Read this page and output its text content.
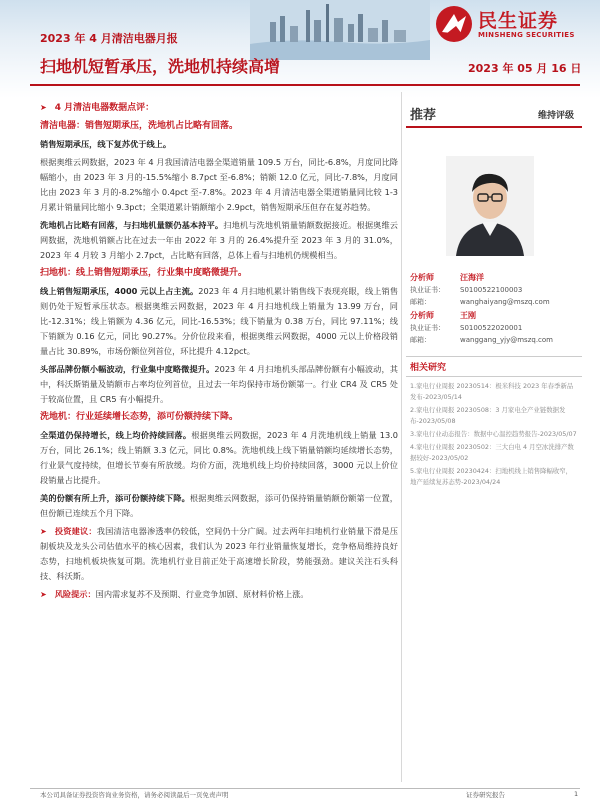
2023 年 4 月清洁电器月报
扫地机短暂承压，洗地机持续高增	2023 年 05 月 16 日
民生证券
MINSHENG SECURITIES
➤ 4 月清洁电器数据点评：
清洁电器：销售短期承压，洗地机占比略有回落。
销售短期承压，线下复苏优于线上。
根据奥维云网数据，2023 年 4 月我国清洁电器全渠道销量 109.5 万台，同比-6.8%，月度同比降幅缩小，由 2023 年 3 月的-15.5%缩小 8.7pct 至-6.8%；销额 12.0 亿元，同比-7.8%，月度同比由 2023 年 3 月的-8.2%缩小 0.4pct 至-7.8%。2023 年 4 月清洁电器全渠道销量同比较 1-3 月累计销量同比缩小 9.3pct；全渠道累计销额缩小 2.9pct，销售短期承压但存在复苏趋势。
洗地机占比略有回落，与扫地机量额仍基本持平。扫地机与洗地机销量销额数据接近。根据奥维云网数据，洗地机销额占比在过去一年由 2022 年 3 月的 26.4%提升至 2023 年 3 月的 31.0%，2023 年 4 月较 3 月缩小 2.7pct，占比略有回落，总体上看与扫地机仍规模相当。
扫地机：线上销售短期承压，行业集中度略微提升。
线上销售短期承压，4000 元以上占主流。2023 年 4 月扫地机累计销售线下表现亮眼，线上销售则仍处于短暂承压状态。根据奥维云网数据，2023 年 4 月扫地机线上销量为 13.99 万台，同比-12.31%；线上销额为 4.36 亿元，同比-16.53%；线下销量为 0.38 万台，同比 97.11%；线下销额为 0.16 亿元，同比 90.27%。分价位段来看，根据奥维云网数据，4000 元以上价格段销量占比 30.89%，市场份额位列首位，环比提升 4.12pct。
头部品牌份额小幅波动，行业集中度略微提升。2023 年 4 月扫地机头部品牌份额有小幅波动，其中，科沃斯销量及销额市占率均位列首位，且过去一年均保持市场份额第一。行业 CR4 及 CR5 处于较高位置，且 CR5 有小幅提升。
洗地机：行业延续增长态势，添可份额持续下降。
全渠道仍保持增长，线上均价持续回落。根据奥维云网数据，2023 年 4 月洗地机线上销量 13.0 万台，同比 26.1%；线上销额 3.3 亿元，同比 0.8%。洗地机线上线下销量销额均延续增长态势，行业景气度持续，但增长节奏有所放缓。均价方面，洗地机线上均价持续回落，3000 元以上价位段销量占比提升。
美的份额有所上升，添可份额持续下降。根据奥维云网数据，添可仍保持销量销额份额第一位置，但份额已连续五个月下降。
➤ 投资建议：我国清洁电器渗透率仍较低，空间仍十分广阔。过去两年扫地机行业销量下滑是压制板块及龙头公司估值水平的核心因素，我们认为 2023 年行业销量恢复增长，竞争格局维持良好态势，扫地机板块恢复可期。洗地机行业目前正处于高速增长阶段，势能强劲。建议关注石头科技、科沃斯。
➤ 风险提示：国内需求复苏不及预期、行业竞争加剧、原材料价格上涨。
推荐	维持评级
分析师	汪海洋
执业证书：	S0100522100003
邮箱：	wanghaiyang@mszq.com
分析师	王刚
执业证书：	S0100522020001
邮箱：	wanggang_yjy@mszq.com
相关研究
1.家电行业周报 20230514：极米科技 2023 年春季新品发布-2023/05/14
2.家电行业周报 20230508：3 月家电全产业链数据发布-2023/05/08
3.家电行业动态报告：数据中心温控趋势报告-2023/05/07
4.家电行业周报 20230502：三大白电 4 月空冰洗排产数据较好-2023/05/02
5.家电行业周报 20230424：扫地机线上销售降幅收窄，地产延续复苏态势-2023/04/24
本公司具备证券投资咨询业务资格，请务必阅读最后一页免责声明	证券研究报告	1
